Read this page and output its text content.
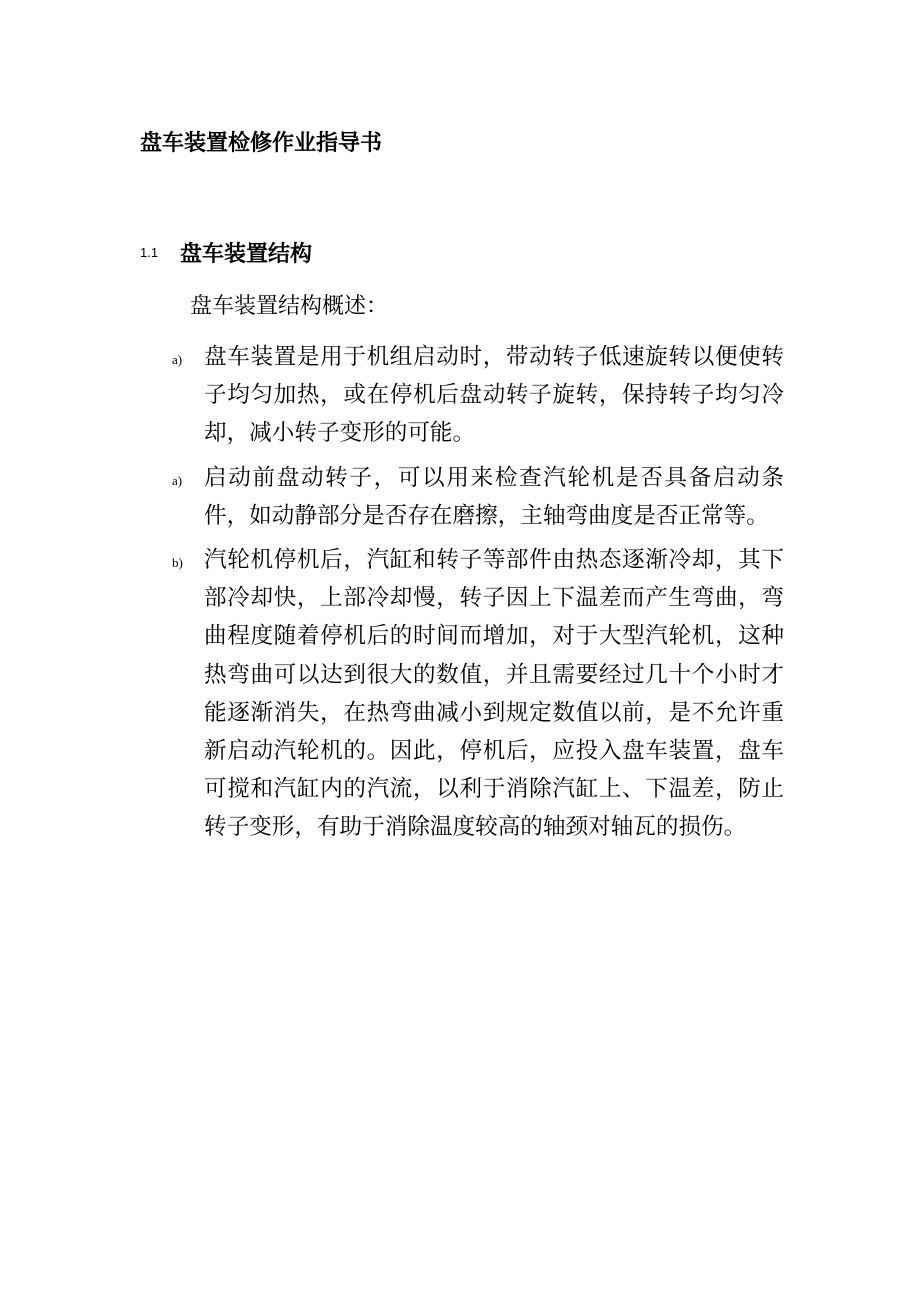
盘车装置检修作业指导书
1.1 盘车装置结构
盘车装置结构概述：
a) 盘车装置是用于机组启动时，带动转子低速旋转以便使转子均匀加热，或在停机后盘动转子旋转，保持转子均匀冷却，减小转子变形的可能。
a) 启动前盘动转子，可以用来检查汽轮机是否具备启动条件，如动静部分是否存在磨擦，主轴弯曲度是否正常等。
b) 汽轮机停机后，汽缸和转子等部件由热态逐渐冷却，其下部冷却快，上部冷却慢，转子因上下温差而产生弯曲，弯曲程度随着停机后的时间而增加，对于大型汽轮机，这种热弯曲可以达到很大的数值，并且需要经过几十个小时才能逐渐消失，在热弯曲减小到规定数值以前，是不允许重新启动汽轮机的。因此，停机后，应投入盘车装置，盘车可搅和汽缸内的汽流，以利于消除汽缸上、下温差，防止转子变形，有助于消除温度较高的轴颈对轴瓦的损伤。
